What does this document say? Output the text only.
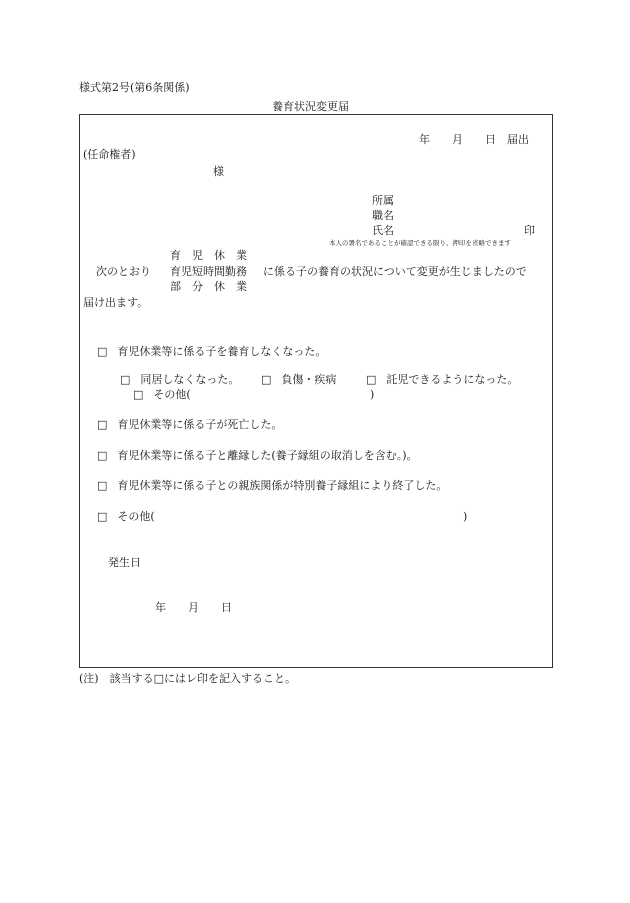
様式第2号(第6条関係)
養育状況変更届
年　　月　　日　届出
(任命権者)
様
所属
職名
氏名	印
本人の署名であることが確認できる限り、押印を省略できます
育　児　休　業
次のとおり 育児短時間勤務 に係る子の養育の状況について変更が生じましたので
部　分　休　業
届け出ます。
□ 育児休業等に係る子を養育しなくなった。
□ 同居しなくなった。 □ 負傷・疾病	□ 託児できるようになった。
□ その他(	)
□ 育児休業等に係る子が死亡した。
□ 育児休業等に係る子と離縁した(養子縁組の取消しを含む。)。
□ 育児休業等に係る子との親族関係が特別養子縁組により終了した。
□ その他(	)
発生日
年　　月　　日
(注)　該当する□にはレ印を記入すること。
